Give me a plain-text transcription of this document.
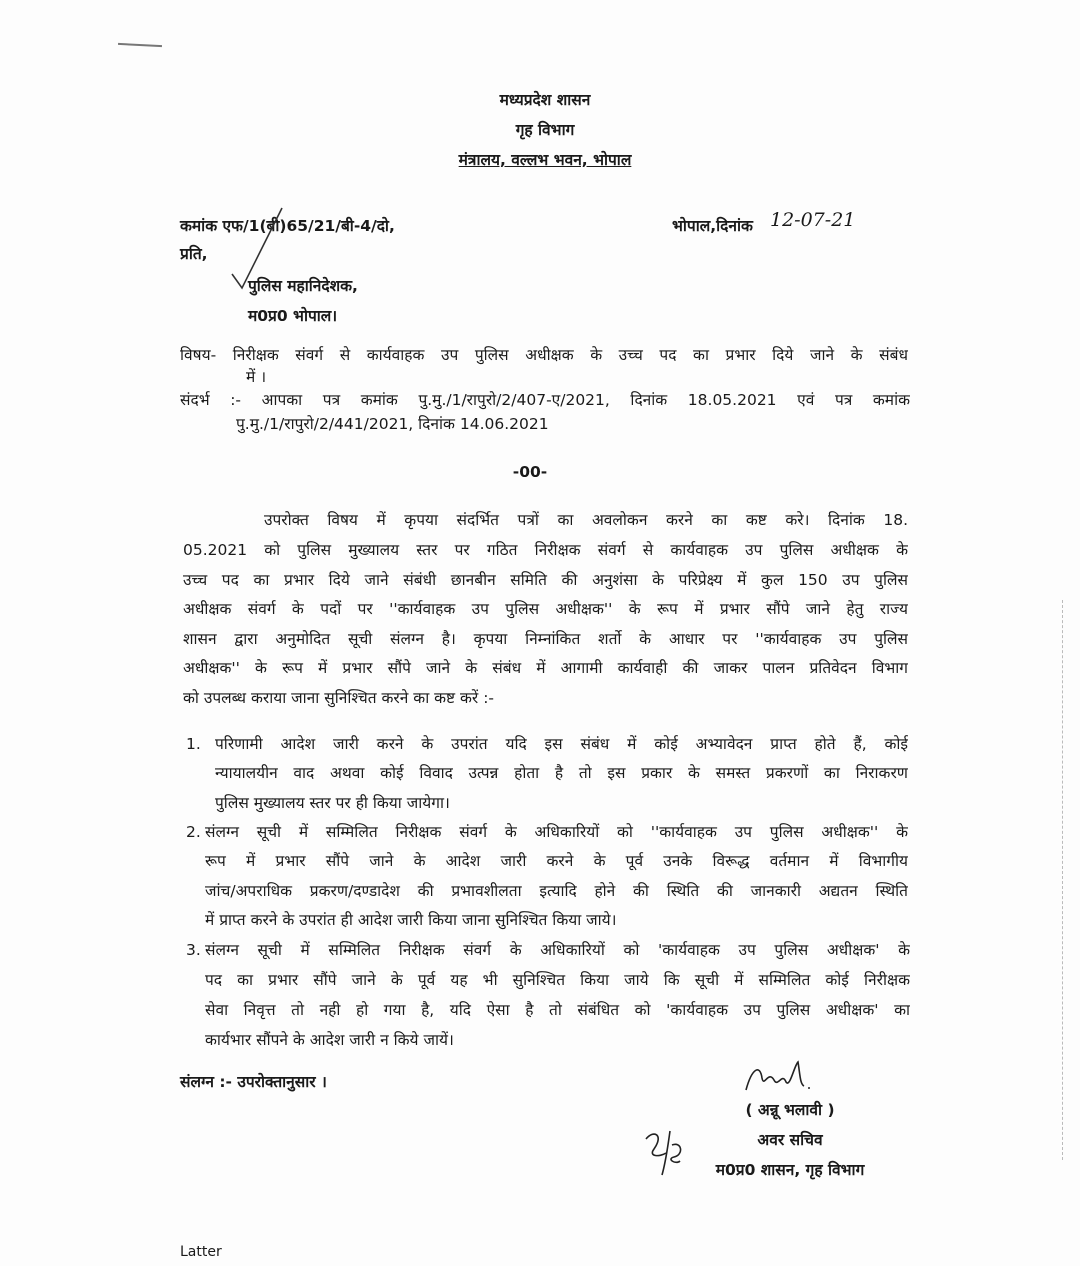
मध्यप्रदेश शासन
गृह विभाग
मंत्रालय, वल्लभ भवन, भोपाल
कमांक एफ/1(बी)65/21/बी-4/दो,	भोपाल,दिनांक 12-07-21
प्रति,
पुलिस महानिदेशक,
म0प्र0 भोपाल।
विषय- निरीक्षक संवर्ग से कार्यवाहक उप पुलिस अधीक्षक के उच्च पद का प्रभार दिये जाने के संबंध
में ।
संदर्भ :- आपका पत्र कमांक पु.मु./1/रापुरो/2/407-ए/2021, दिनांक 18.05.2021 एवं पत्र कमांक
पु.मु./1/रापुरो/2/441/2021, दिनांक 14.06.2021
-00-
उपरोक्त विषय में कृपया संदर्भित पत्रों का अवलोकन करने का कष्ट करे। दिनांक 18.
05.2021 को पुलिस मुख्यालय स्तर पर गठित निरीक्षक संवर्ग से कार्यवाहक उप पुलिस अधीक्षक के
उच्च पद का प्रभार दिये जाने संबंधी छानबीन समिति की अनुशंसा के परिप्रेक्ष्य में कुल 150 उप पुलिस
अधीक्षक संवर्ग के पदों पर ''कार्यवाहक उप पुलिस अधीक्षक'' के रूप में प्रभार सौंपे जाने हेतु राज्य
शासन द्वारा अनुमोदित सूची संलग्न है। कृपया निम्नांकित शर्तो के आधार पर ''कार्यवाहक उप पुलिस
अधीक्षक'' के रूप में प्रभार सौंपे जाने के संबंध में आगामी कार्यवाही की जाकर पालन प्रतिवेदन विभाग
को उपलब्ध कराया जाना सुनिश्चित करने का कष्ट करें :-
1. परिणामी आदेश जारी करने के उपरांत यदि इस संबंध में कोई अभ्यावेदन प्राप्त होते हैं, कोई
न्यायालयीन वाद अथवा कोई विवाद उत्पन्न होता है तो इस प्रकार के समस्त प्रकरणों का निराकरण
पुलिस मुख्यालय स्तर पर ही किया जायेगा।
2. संलग्न सूची में सम्मिलित निरीक्षक संवर्ग के अधिकारियों को ''कार्यवाहक उप पुलिस अधीक्षक'' के
रूप में प्रभार सौंपे जाने के आदेश जारी करने के पूर्व उनके विरूद्ध वर्तमान में विभागीय
जांच/अपराधिक प्रकरण/दण्डादेश की प्रभावशीलता इत्यादि होने की स्थिति की जानकारी अद्यतन स्थिति
में प्राप्त करने के उपरांत ही आदेश जारी किया जाना सुनिश्चित किया जाये।
3. संलग्न सूची में सम्मिलित निरीक्षक संवर्ग के अधिकारियों को 'कार्यवाहक उप पुलिस अधीक्षक' के
पद का प्रभार सौंपे जाने के पूर्व यह भी सुनिश्चित किया जाये कि सूची में सम्मिलित कोई निरीक्षक
सेवा निवृत्त तो नही हो गया है, यदि ऐसा है तो संबंधित को 'कार्यवाहक उप पुलिस अधीक्षक' का
कार्यभार सौंपने के आदेश जारी न किये जायें।
संलग्न :- उपरोक्तानुसार ।
( अन्नू भलावी )
अवर सचिव
म0प्र0 शासन, गृह विभाग
Latter
